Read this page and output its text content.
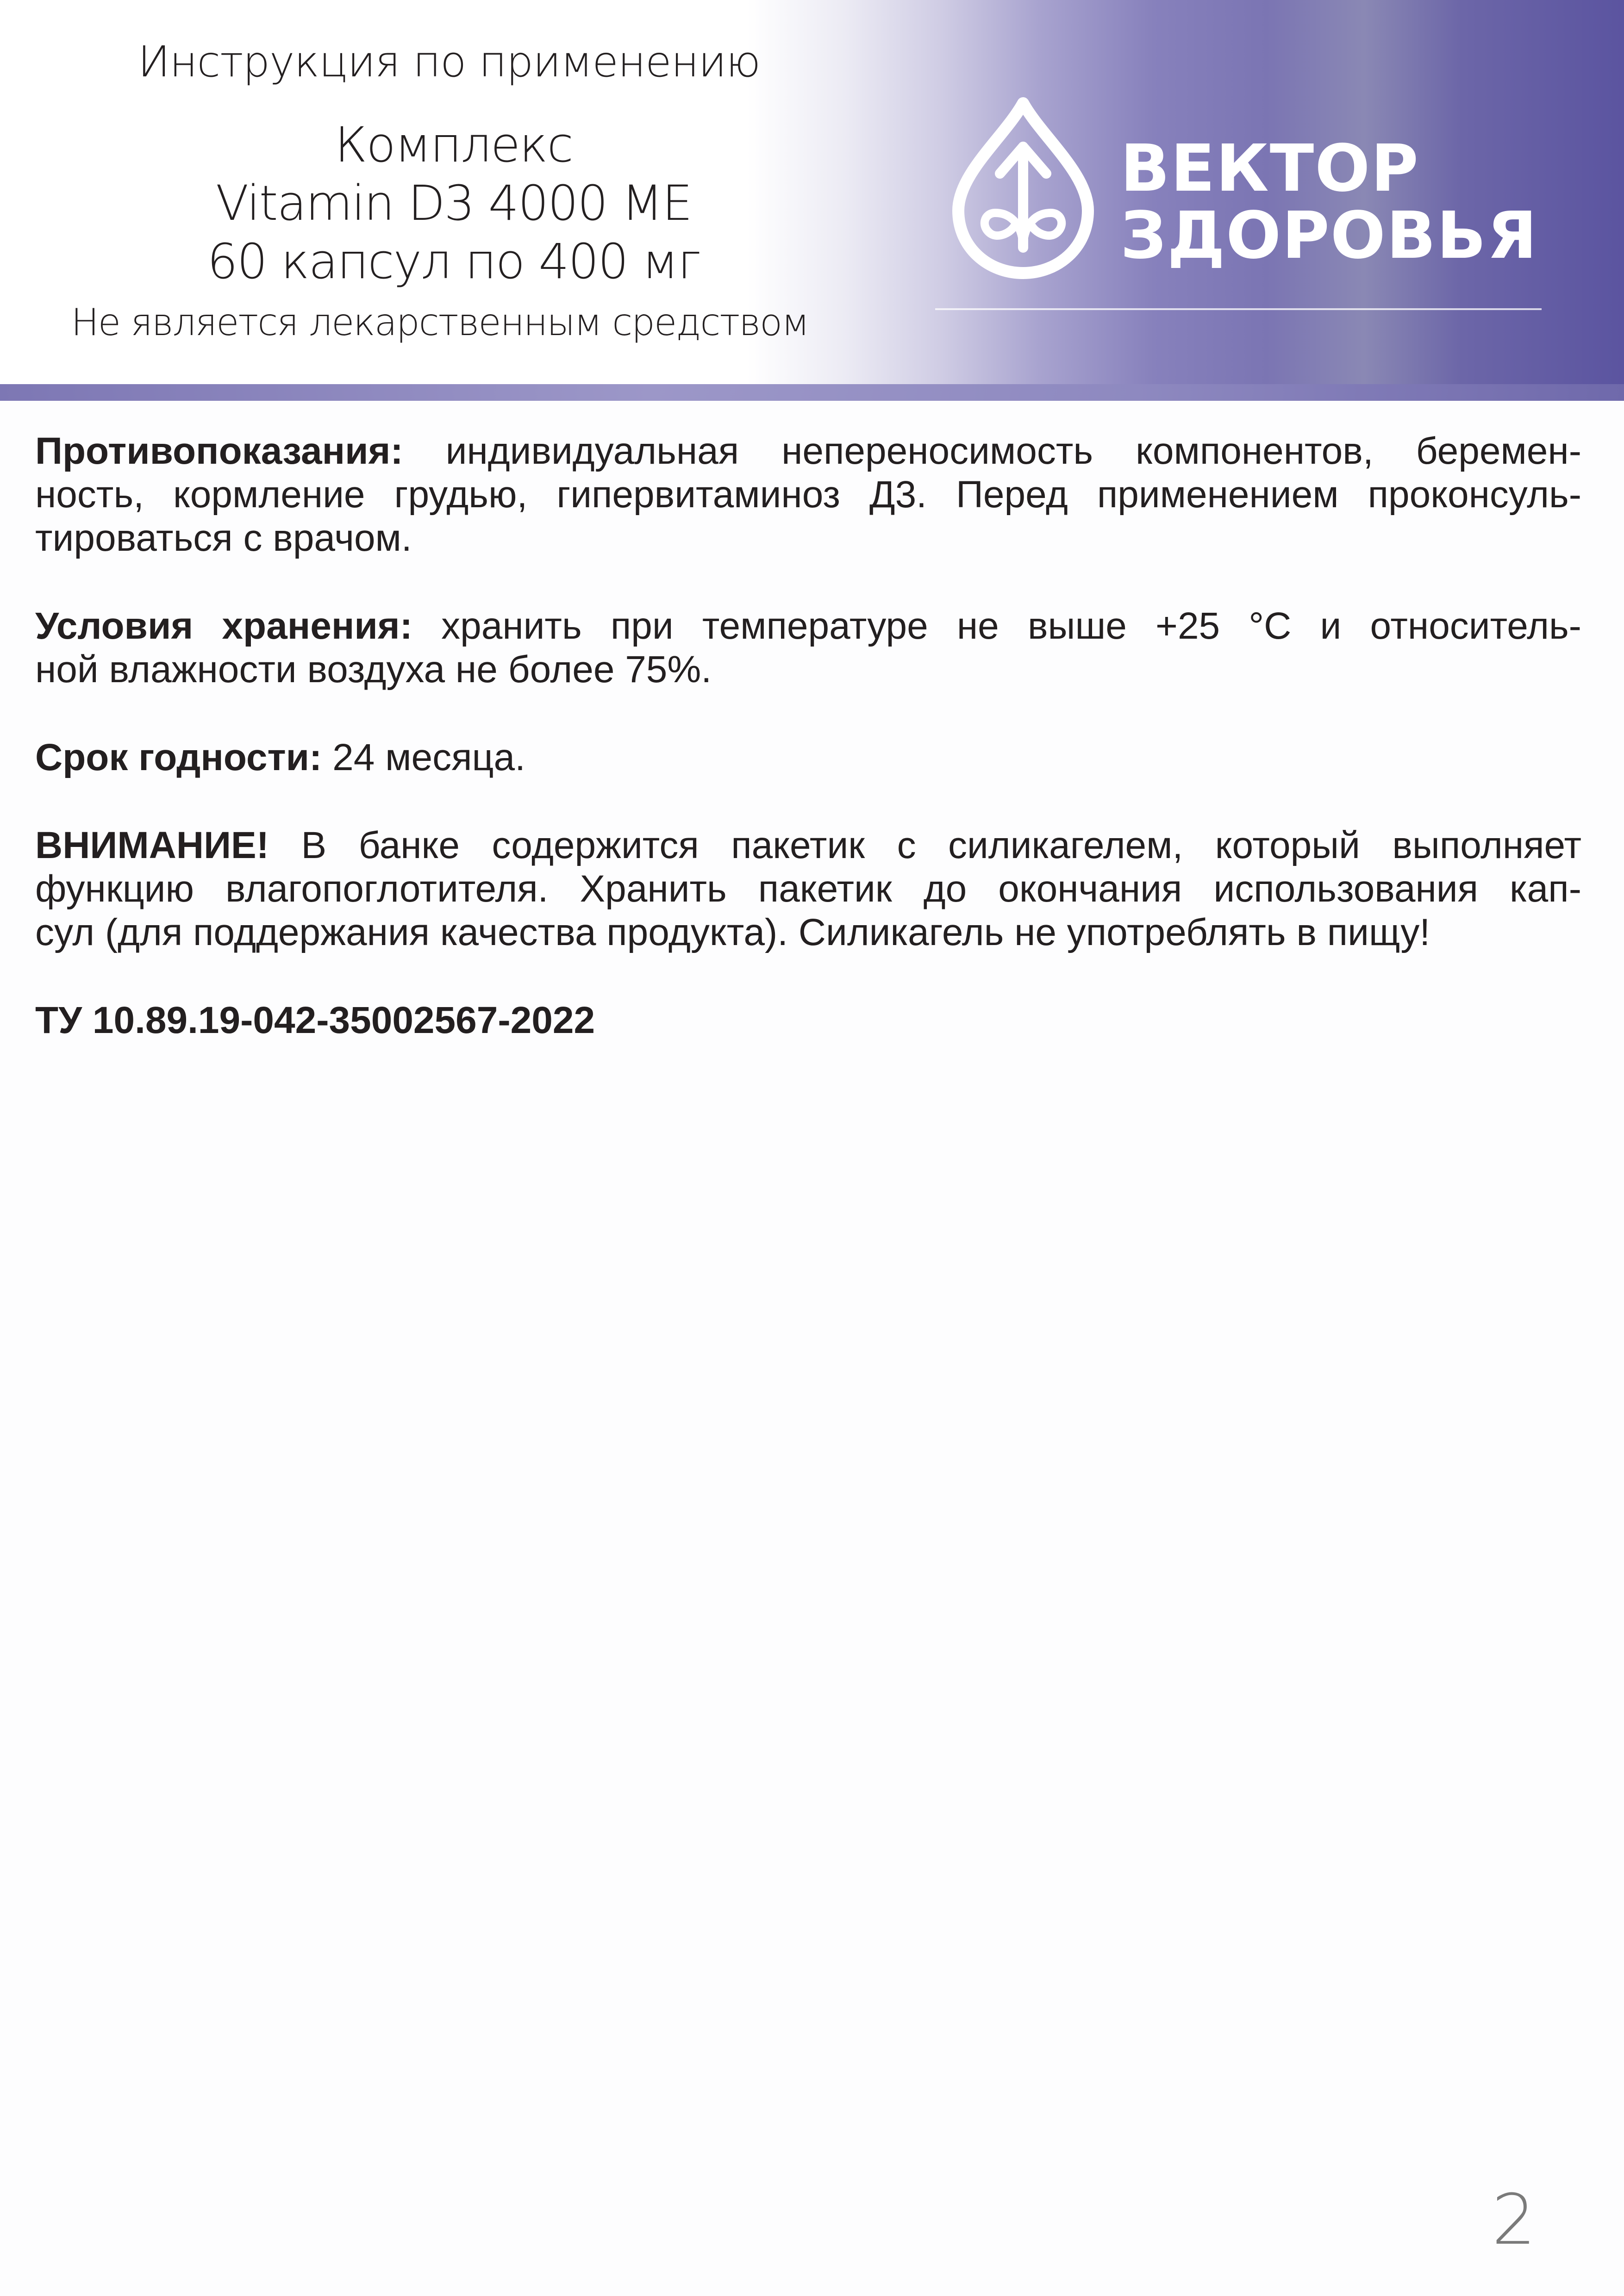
Инструкция по применению

Комплекс
Vitamin D3 4000 МЕ
60 капсул по 400 мг

Не является лекарственным средством

ВЕКТОР

ЗДОРОВЬЯ

Противопоказания: индивидуальная непереносимость компонентов, беремен-
ность, кормление грудью, гипервитаминоз Д3. Перед применением проконсуль-
тироваться с врачом.

Условия хранения: хранить при температуре не выше +25 °С и относитель-
ной влажности воздуха не более 75%.

Срок годности: 24 месяца.

ВНИМАНИЕ! В банке содержится пакетик с силикагелем, который выполняет
функцию влагопоглотителя. Хранить пакетик до окончания использования кап-
сул (для поддержания качества продукта). Силикагель не употреблять в пищу!

ТУ 10.89.19-042-35002567-2022

2
